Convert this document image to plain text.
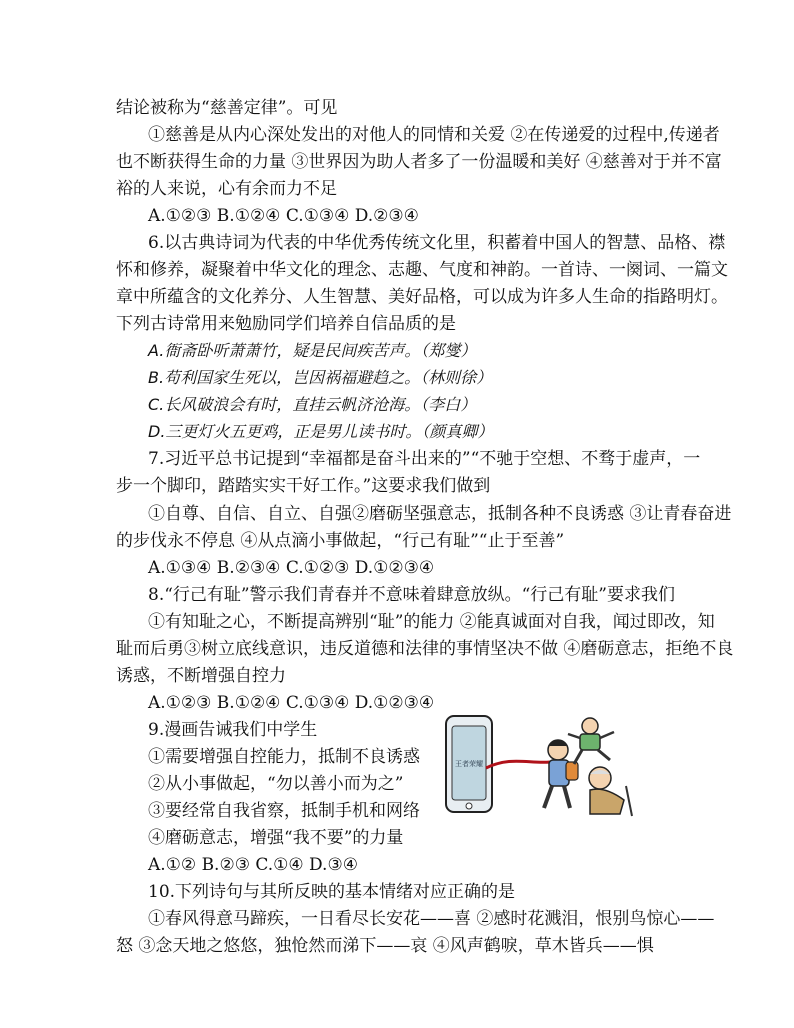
结论被称为“慈善定律”。可见
①慈善是从内心深处发出的对他人的同情和关爱 ②在传递爱的过程中,传递者
也不断获得生命的力量 ③世界因为助人者多了一份温暖和美好 ④慈善对于并不富
裕的人来说，心有余而力不足
A.①②③ B.①②④ C.①③④ D.②③④
6.以古典诗词为代表的中华优秀传统文化里，积蓄着中国人的智慧、品格、襟
怀和修养，凝聚着中华文化的理念、志趣、气度和神韵。一首诗、一阕词、一篇文
章中所蕴含的文化养分、人生智慧、美好品格，可以成为许多人生命的指路明灯。
下列古诗常用来勉励同学们培养自信品质的是
A.衙斋卧听萧萧竹，疑是民间疾苦声。（郑燮）
B.苟利国家生死以，岂因祸福避趋之。（林则徐）
C.长风破浪会有时，直挂云帆济沧海。（李白）
D.三更灯火五更鸡，正是男儿读书时。（颜真卿）
7.习近平总书记提到“幸福都是奋斗出来的”“不驰于空想、不骛于虚声，一
步一个脚印，踏踏实实干好工作。”这要求我们做到
①自尊、自信、自立、自强②磨砺坚强意志，抵制各种不良诱惑 ③让青春奋进
的步伐永不停息 ④从点滴小事做起，“行己有耻”“止于至善”
A.①③④ B.②③④ C.①②③ D.①②③④
8.“行己有耻”警示我们青春并不意味着肆意放纵。“行己有耻”要求我们
①有知耻之心，不断提高辨别“耻”的能力 ②能真诚面对自我，闻过即改，知
耻而后勇③树立底线意识，违反道德和法律的事情坚决不做 ④磨砺意志，拒绝不良
诱惑，不断增强自控力
A.①②③ B.①②④ C.①③④ D.①②③④
9.漫画告诫我们中学生
①需要增强自控能力，抵制不良诱惑
②从小事做起，“勿以善小而为之”
③要经常自我省察，抵制手机和网络
④磨砺意志，增强“我不要”的力量
A.①② B.②③ C.①④ D.③④
10.下列诗句与其所反映的基本情绪对应正确的是
①春风得意马蹄疾，一日看尽长安花——喜 ②感时花溅泪，恨别鸟惊心——
怒 ③念天地之悠悠，独怆然而涕下——哀 ④风声鹤唳，草木皆兵——惧
王者荣耀
